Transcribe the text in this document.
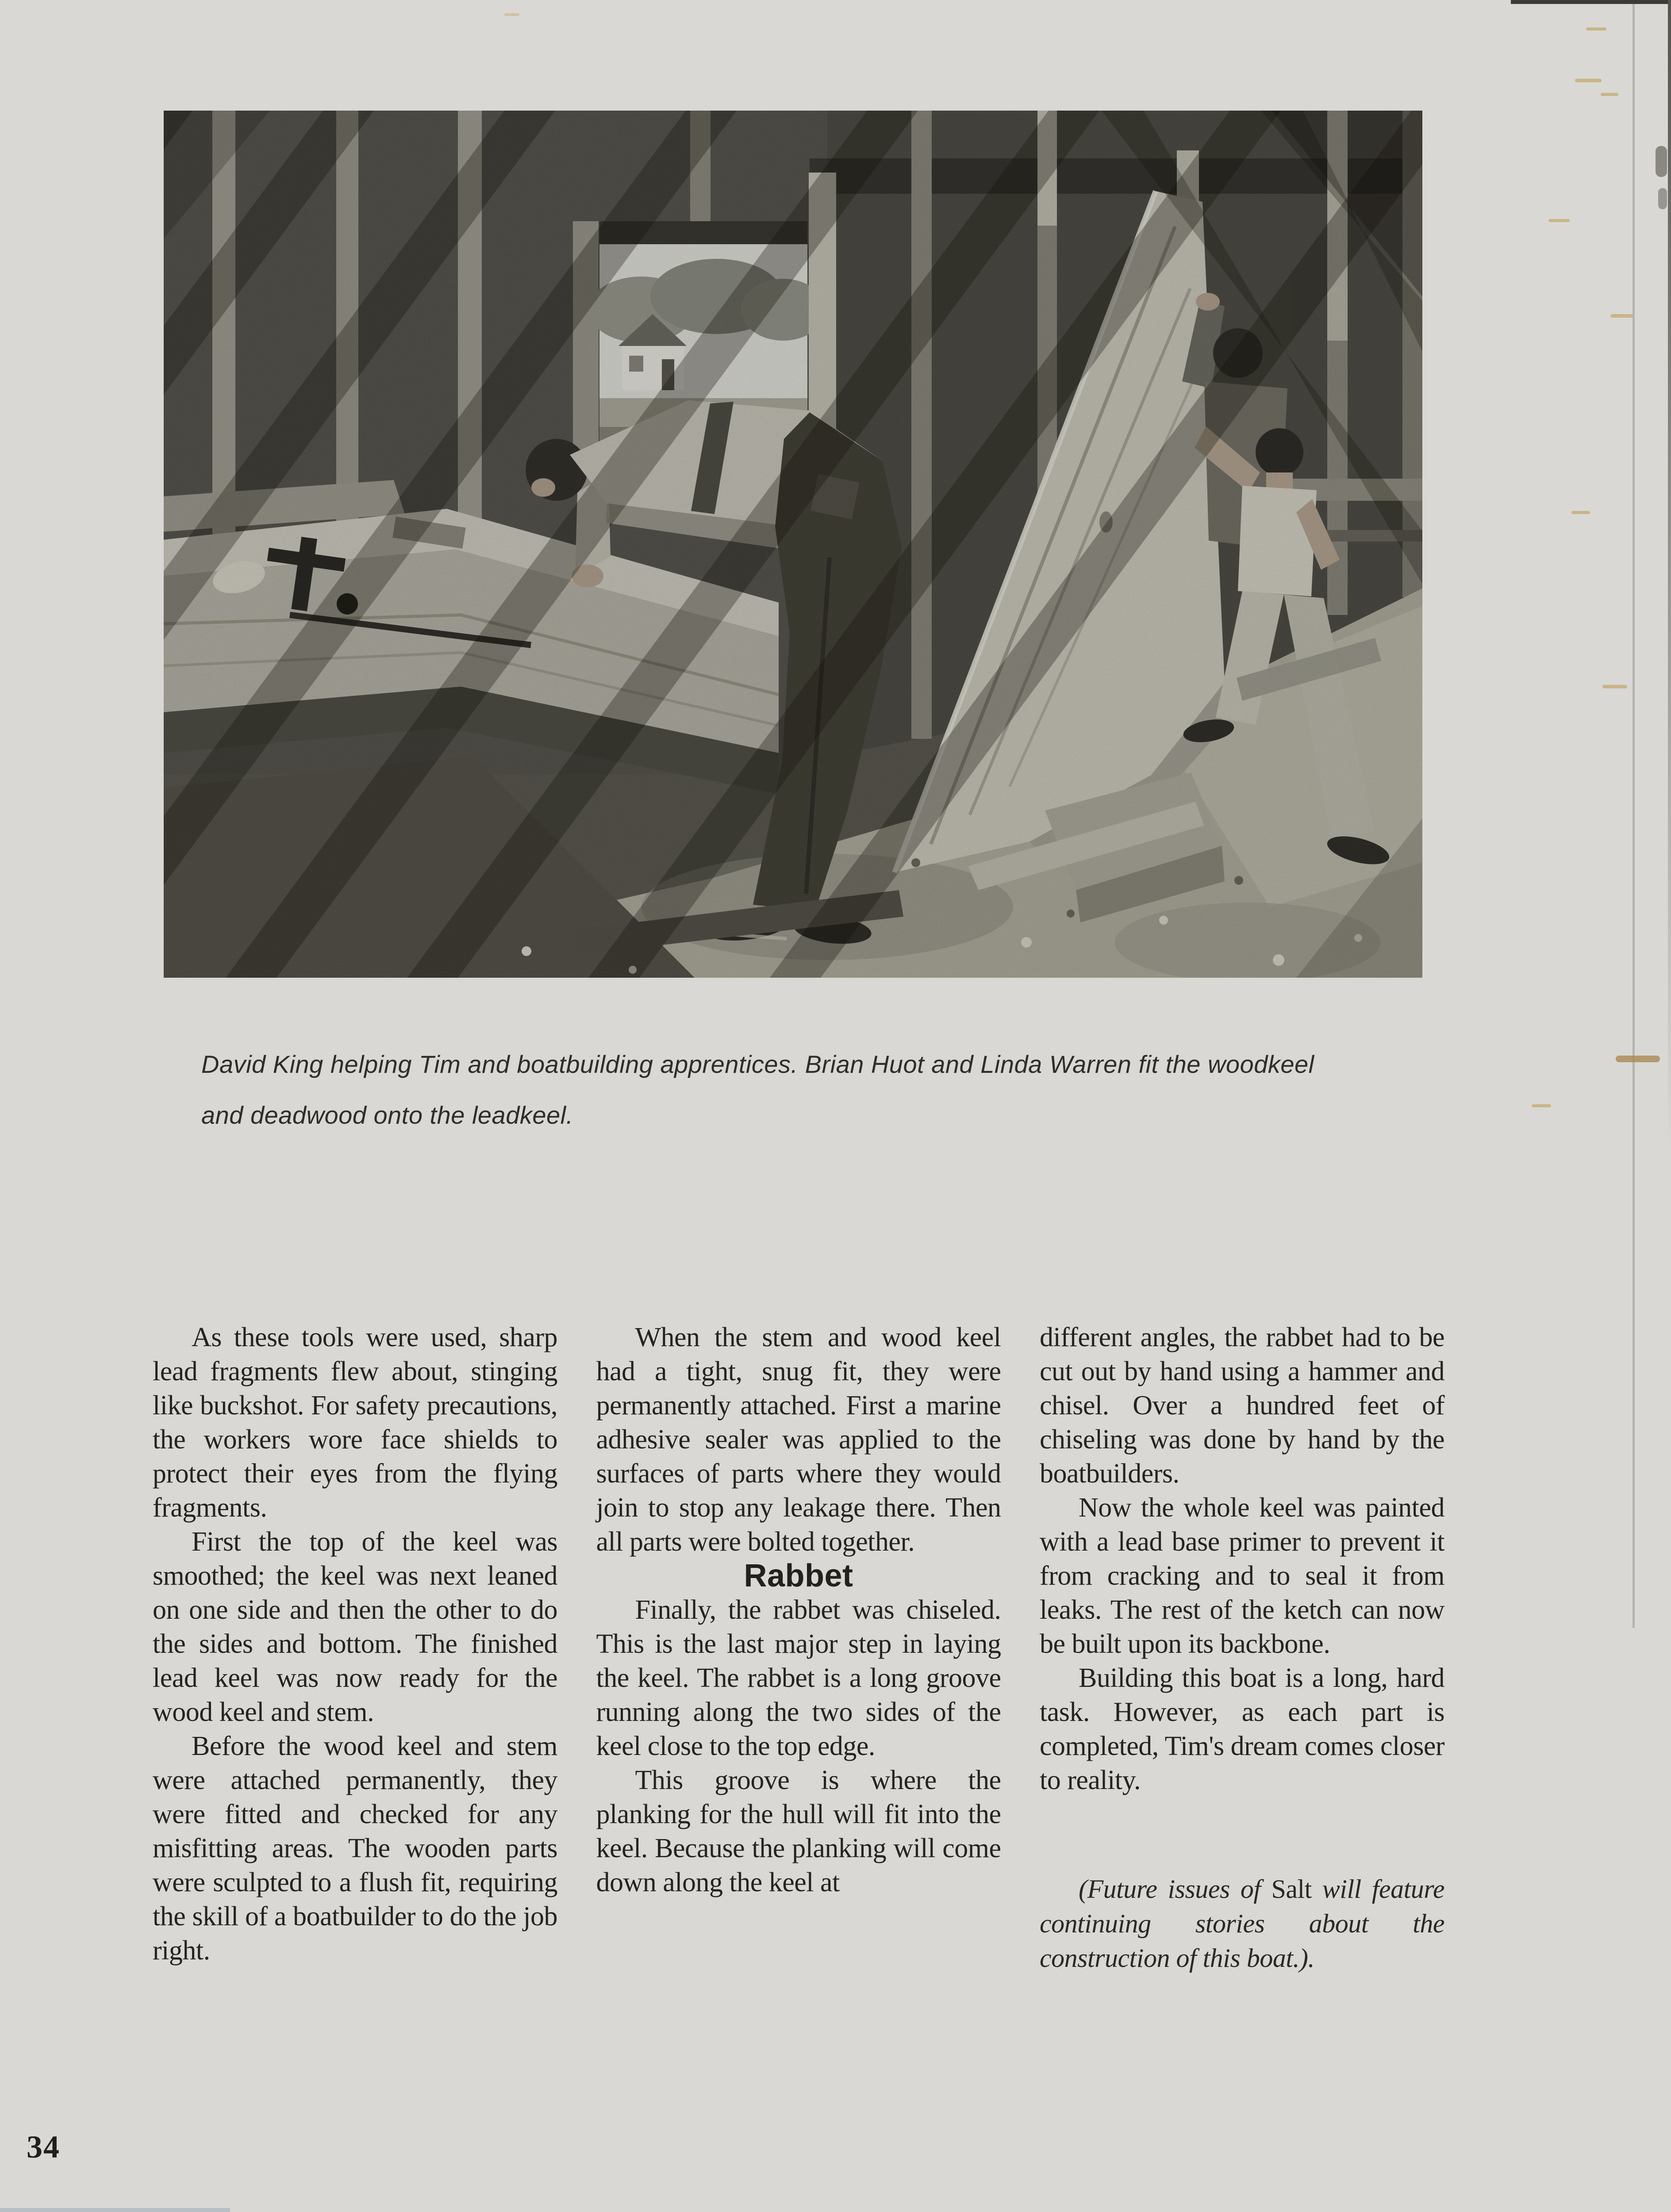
David King helping Tim and boatbuilding apprentices. Brian Huot and Linda Warren fit the woodkeel
and deadwood onto the leadkeel.

As these tools were used, sharp lead fragments flew about, stinging like buckshot. For safety precautions, the workers wore face shields to protect their eyes from the flying fragments.

First the top of the keel was smoothed; the keel was next leaned on one side and then the other to do the sides and bottom. The finished lead keel was now ready for the wood keel and stem.

Before the wood keel and stem were attached permanently, they were fitted and checked for any misfitting areas. The wooden parts were sculpted to a flush fit, requiring the skill of a boatbuilder to do the job right.

When the stem and wood keel had a tight, snug fit, they were permanently attached. First a marine adhesive sealer was applied to the surfaces of parts where they would join to stop any leakage there. Then all parts were bolted together.

Rabbet

Finally, the rabbet was chiseled. This is the last major step in laying the keel. The rabbet is a long groove running along the two sides of the keel close to the top edge.

This groove is where the planking for the hull will fit into the keel. Because the planking will come down along the keel at

different angles, the rabbet had to be cut out by hand using a hammer and chisel. Over a hundred feet of chiseling was done by hand by the boatbuilders.

Now the whole keel was painted with a lead base primer to prevent it from cracking and to seal it from leaks. The rest of the ketch can now be built upon its backbone.

Building this boat is a long, hard task. However, as each part is completed, Tim's dream comes closer to reality.

(Future issues of Salt will feature continuing stories about the construction of this boat.).

34
